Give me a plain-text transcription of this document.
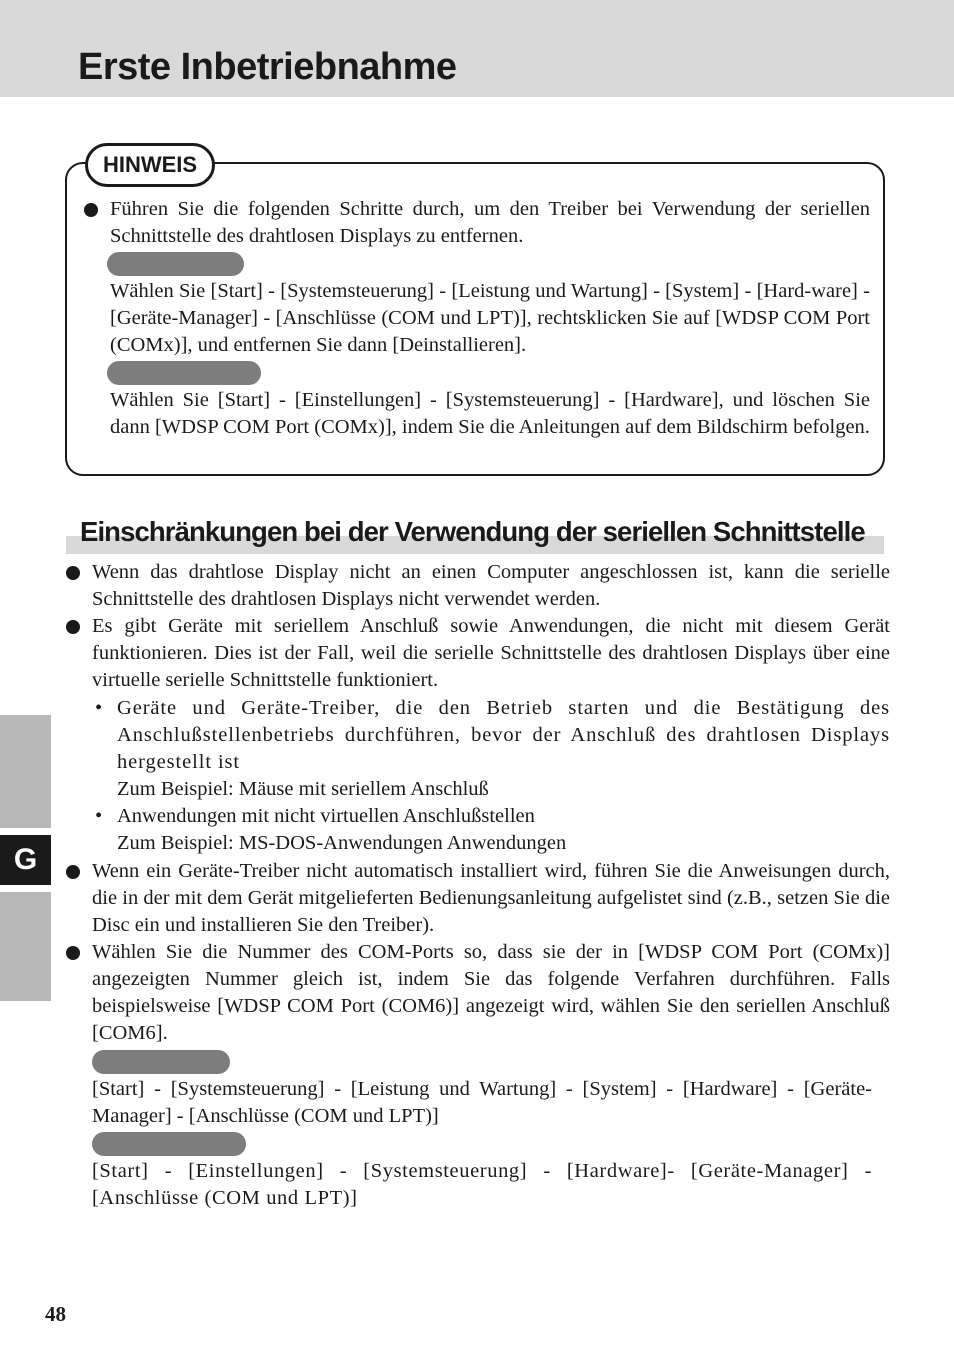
Erste Inbetriebnahme
HINWEIS

Führen Sie die folgenden Schritte durch, um den Treiber bei Verwendung der seriellen Schnittstelle des drahtlosen Displays zu entfernen.

Wählen Sie [Start] - [Systemsteuerung] - [Leistung und Wartung] - [System] - [Hard-ware] - [Geräte-Manager] - [Anschlüsse (COM und LPT)], rechtsklicken Sie auf [WDSP COM Port (COMx)], und entfernen Sie dann [Deinstallieren].

Wählen Sie [Start] - [Einstellungen] - [Systemsteuerung] - [Hardware], und löschen Sie dann [WDSP COM Port (COMx)], indem Sie die Anleitungen auf dem Bildschirm befolgen.

Einschränkungen bei der Verwendung der seriellen Schnittstelle

Wenn das drahtlose Display nicht an einen Computer angeschlossen ist, kann die serielle Schnittstelle des drahtlosen Displays nicht verwendet werden.

Es gibt Geräte mit seriellem Anschluß sowie Anwendungen, die nicht mit diesem Gerät funktionieren. Dies ist der Fall, weil die serielle Schnittstelle des drahtlosen Displays über eine virtuelle serielle Schnittstelle funktioniert.

• Geräte und Geräte-Treiber, die den Betrieb starten und die Bestätigung des Anschlußstellenbetriebs durchführen, bevor der Anschluß des drahtlosen Displays hergestellt ist

Zum Beispiel: Mäuse mit seriellem Anschluß

• Anwendungen mit nicht virtuellen Anschlußstellen

Zum Beispiel: MS-DOS-Anwendungen Anwendungen

Wenn ein Geräte-Treiber nicht automatisch installiert wird, führen Sie die Anweisungen durch, die in der mit dem Gerät mitgelieferten Bedienungsanleitung aufgelistet sind (z.B., setzen Sie die Disc ein und installieren Sie den Treiber).

Wählen Sie die Nummer des COM-Ports so, dass sie der in [WDSP COM Port (COMx)] angezeigten Nummer gleich ist, indem Sie das folgende Verfahren durchführen. Falls beispielsweise [WDSP COM Port (COM6)] angezeigt wird, wählen Sie den seriellen Anschluß [COM6].

[Start] - [Systemsteuerung] - [Leistung und Wartung] - [System] - [Hardware] - [Geräte-Manager] - [Anschlüsse (COM und LPT)]

[Start] - [Einstellungen] - [Systemsteuerung] - [Hardware]- [Geräte-Manager] - [Anschlüsse (COM und LPT)]

G
48
